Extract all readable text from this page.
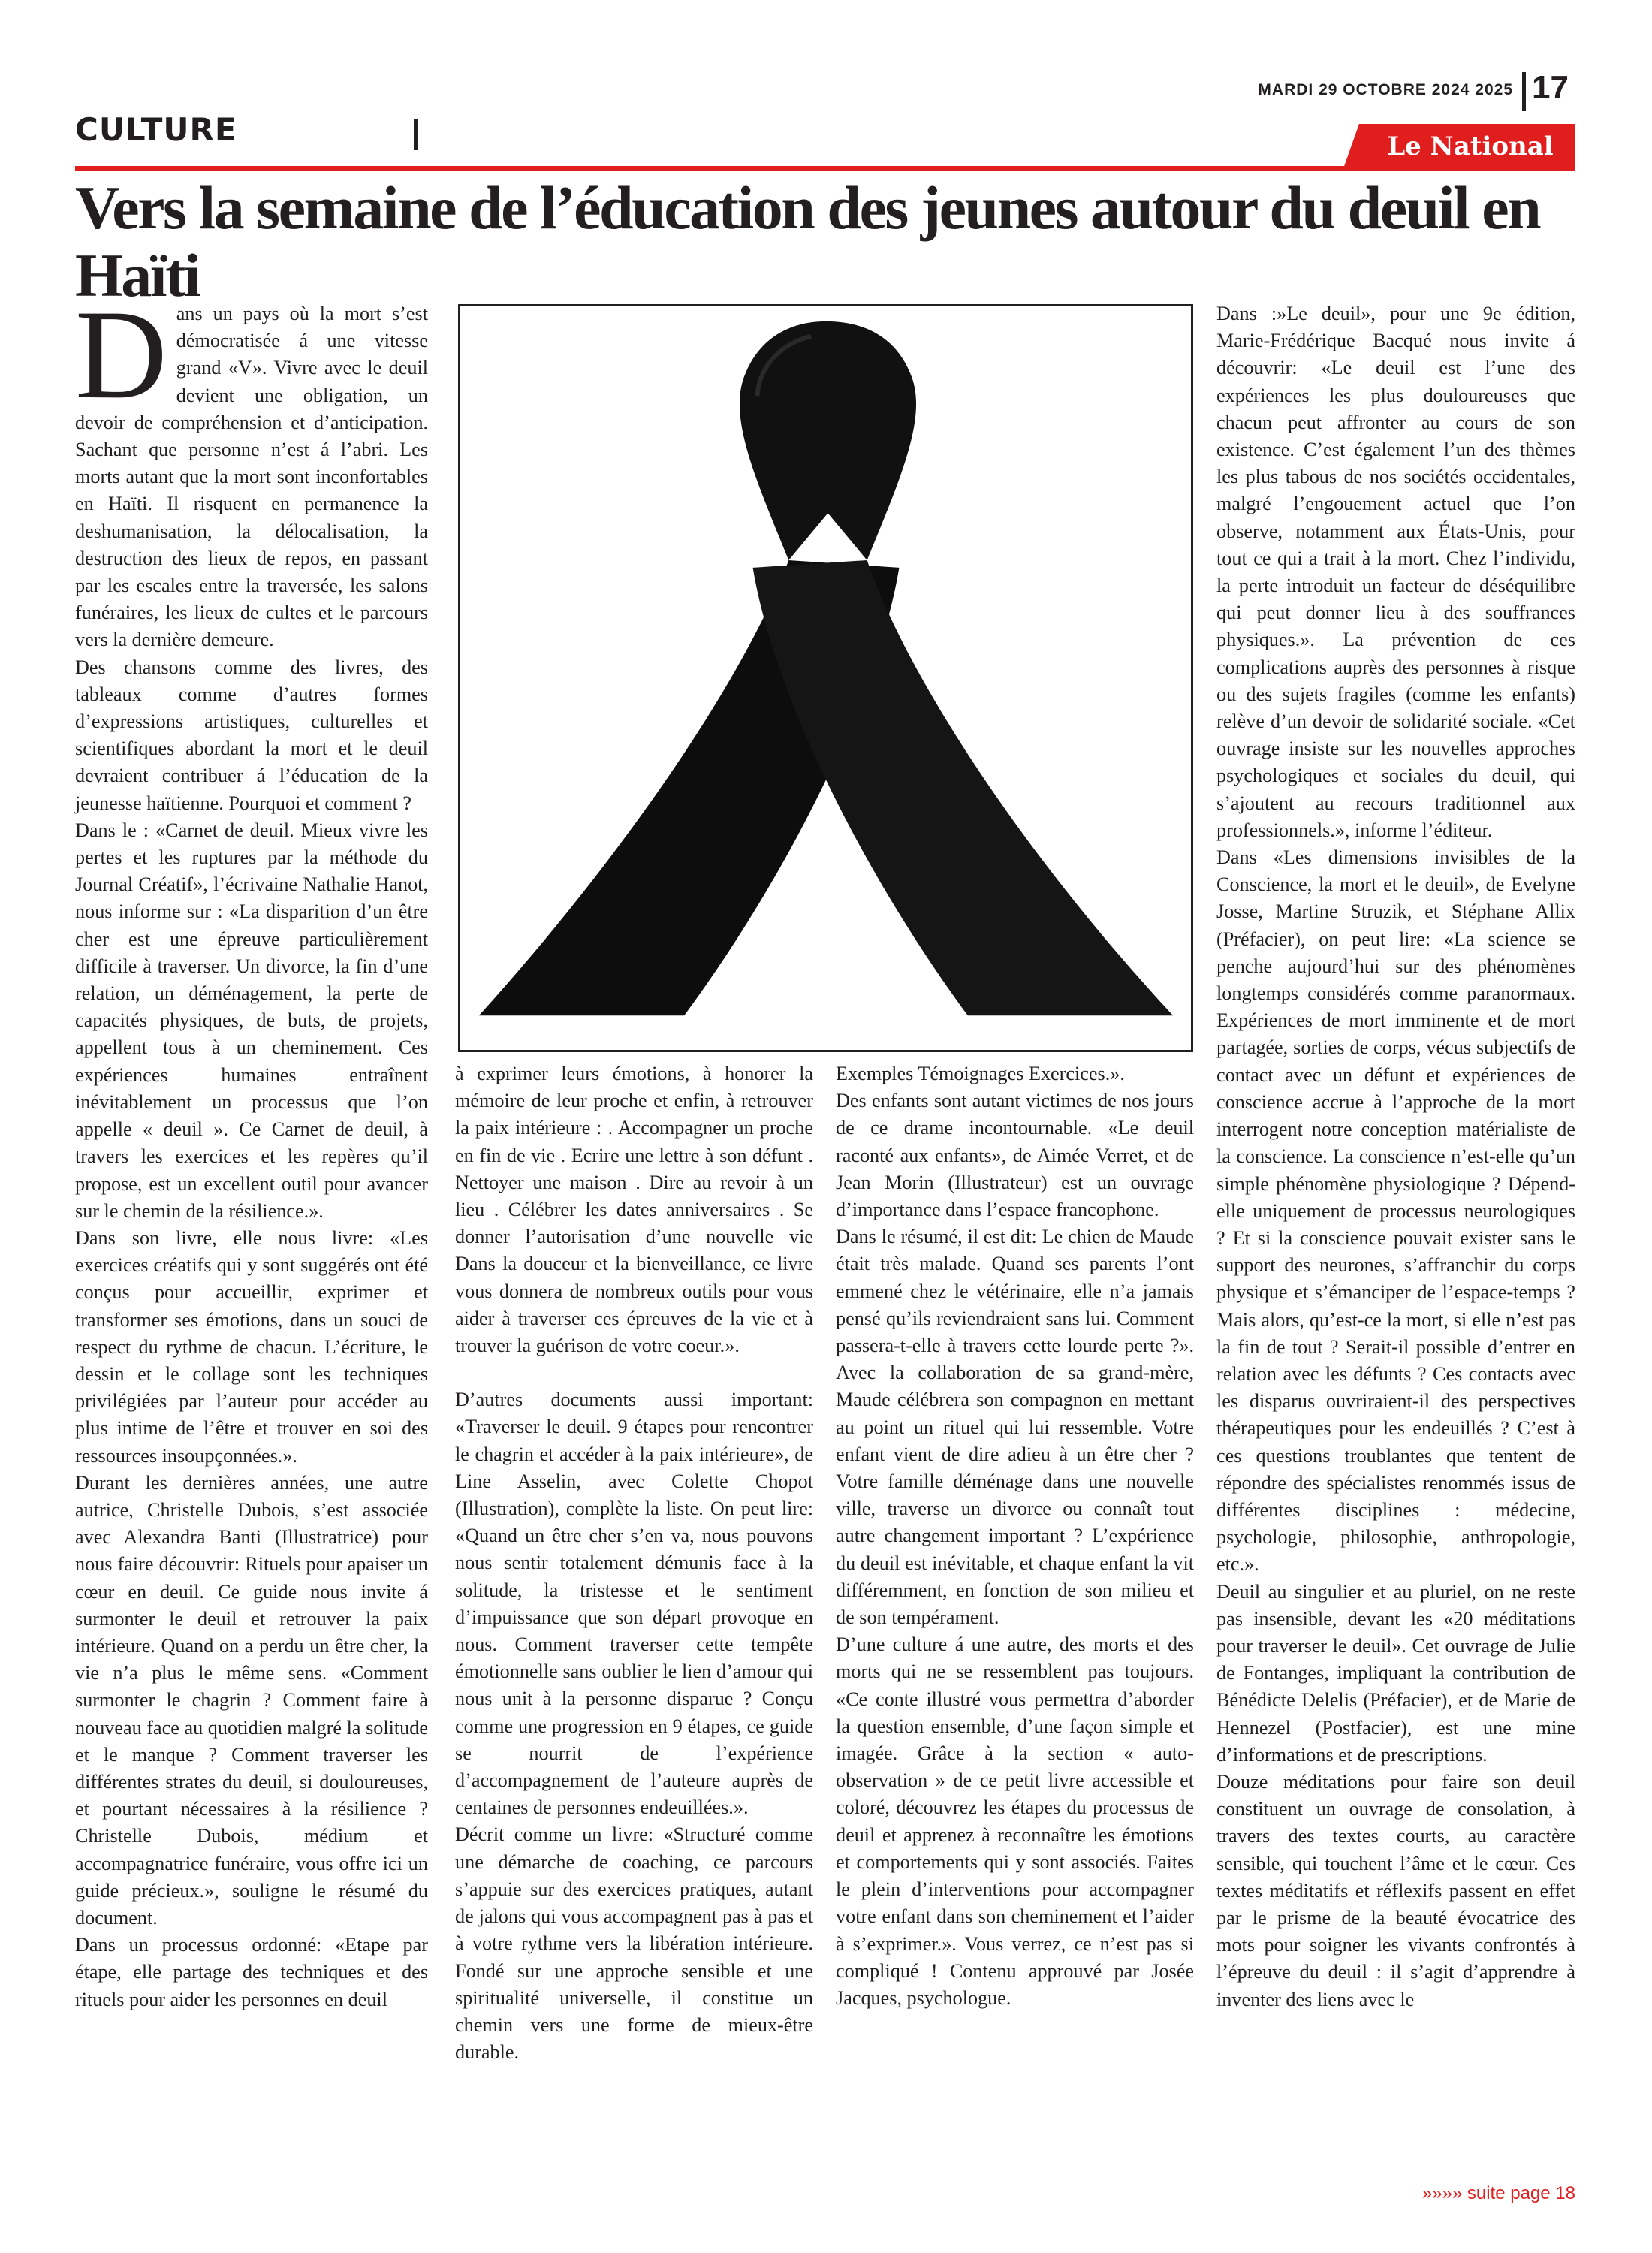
MARDI 29 OCTOBRE 2024 2025 17
CULTURE	Le National
Vers la semaine de l’éducation des jeunes autour du deuil en Haïti

Dans un pays où la mort s’est démocratisée á une vitesse grand «V». Vivre avec le deuil devient une obligation, un devoir de compréhension et d’anticipation. Sachant que personne n’est á l’abri. Les morts autant que la mort sont inconfortables en Haïti. Il risquent en permanence la deshumanisation, la délocalisation, la destruction des lieux de repos, en passant par les escales entre la traversée, les salons funéraires, les lieux de cultes et le parcours vers la dernière demeure.

Des chansons comme des livres, des tableaux comme d’autres formes d’expressions artistiques, culturelles et scientifiques abordant la mort et le deuil devraient contribuer á l’éducation de la jeunesse haïtienne. Pourquoi et comment ?

Dans le : «Carnet de deuil. Mieux vivre les pertes et les ruptures par la méthode du Journal Créatif», l’écrivaine Nathalie Hanot, nous informe sur : «La disparition d’un être cher est une épreuve particulièrement difficile à traverser. Un divorce, la fin d’une relation, un déménagement, la perte de capacités physiques, de buts, de projets, appellent tous à un cheminement. Ces expériences humaines entraînent inévitablement un processus que l’on appelle « deuil ». Ce Carnet de deuil, à travers les exercices et les repères qu’il propose, est un excellent outil pour avancer sur le chemin de la résilience.».

Dans son livre, elle nous livre: «Les exercices créatifs qui y sont suggérés ont été conçus pour accueillir, exprimer et transformer ses émotions, dans un souci de respect du rythme de chacun. L’écriture, le dessin et le collage sont les techniques privilégiées par l’auteur pour accéder au plus intime de l’être et trouver en soi des ressources insoupçonnées.».

Durant les dernières années, une autre autrice, Christelle Dubois, s’est associée avec Alexandra Banti (Illustratrice) pour nous faire découvrir: Rituels pour apaiser un cœur en deuil. Ce guide nous invite á surmonter le deuil et retrouver la paix intérieure. Quand on a perdu un être cher, la vie n’a plus le même sens. «Comment surmonter le chagrin ? Comment faire à nouveau face au quotidien malgré la solitude et le manque ? Comment traverser les différentes strates du deuil, si douloureuses, et pourtant nécessaires à la résilience ? Christelle Dubois, médium et accompagnatrice funéraire, vous offre ici un guide précieux.», souligne le résumé du document.

Dans un processus ordonné: «Etape par étape, elle partage des techniques et des rituels pour aider les personnes en deuil

à exprimer leurs émotions, à honorer la mémoire de leur proche et enfin, à retrouver la paix intérieure : . Accompagner un proche en fin de vie . Ecrire une lettre à son défunt . Nettoyer une maison . Dire au revoir à un lieu . Célébrer les dates anniversaires . Se donner l’autorisation d’une nouvelle vie Dans la douceur et la bienveillance, ce livre vous donnera de nombreux outils pour vous aider à traverser ces épreuves de la vie et à trouver la guérison de votre coeur.».

D’autres documents aussi important: «Traverser le deuil. 9 étapes pour rencontrer le chagrin et accéder à la paix intérieure», de Line Asselin, avec Colette Chopot (Illustration), complète la liste. On peut lire: «Quand un être cher s’en va, nous pouvons nous sentir totalement démunis face à la solitude, la tristesse et le sentiment d’impuissance que son départ provoque en nous. Comment traverser cette tempête émotionnelle sans oublier le lien d’amour qui nous unit à la personne disparue ? Conçu comme une progression en 9 étapes, ce guide se nourrit de l’expérience d’accompagnement de l’auteure auprès de centaines de personnes endeuillées.».

Décrit comme un livre: «Structuré comme une démarche de coaching, ce parcours s’appuie sur des exercices pratiques, autant de jalons qui vous accompagnent pas à pas et à votre rythme vers la libération intérieure. Fondé sur une approche sensible et une spiritualité universelle, il constitue un chemin vers une forme de mieux-être durable.

Exemples Témoignages Exercices.».

Des enfants sont autant victimes de nos jours de ce drame incontournable. «Le deuil raconté aux enfants», de Aimée Verret, et de Jean Morin (Illustrateur) est un ouvrage d’importance dans l’espace francophone.

Dans le résumé, il est dit: Le chien de Maude était très malade. Quand ses parents l’ont emmené chez le vétérinaire, elle n’a jamais pensé qu’ils reviendraient sans lui. Comment passera-t-elle à travers cette lourde perte ?». Avec la collaboration de sa grand-mère, Maude célébrera son compagnon en mettant au point un rituel qui lui ressemble. Votre enfant vient de dire adieu à un être cher ? Votre famille déménage dans une nouvelle ville, traverse un divorce ou connaît tout autre changement important ? L’expérience du deuil est inévitable, et chaque enfant la vit différemment, en fonction de son milieu et de son tempérament.

D’une culture á une autre, des morts et des morts qui ne se ressemblent pas toujours. «Ce conte illustré vous permettra d’aborder la question ensemble, d’une façon simple et imagée. Grâce à la section « auto-observation » de ce petit livre accessible et coloré, découvrez les étapes du processus de deuil et apprenez à reconnaître les émotions et comportements qui y sont associés. Faites le plein d’interventions pour accompagner votre enfant dans son cheminement et l’aider à s’exprimer.». Vous verrez, ce n’est pas si compliqué ! Contenu approuvé par Josée Jacques, psychologue.

Dans :»Le deuil», pour une 9e édition, Marie-Frédérique Bacqué nous invite á découvrir: «Le deuil est l’une des expériences les plus douloureuses que chacun peut affronter au cours de son existence. C’est également l’un des thèmes les plus tabous de nos sociétés occidentales, malgré l’engouement actuel que l’on observe, notamment aux États-Unis, pour tout ce qui a trait à la mort. Chez l’individu, la perte introduit un facteur de déséquilibre qui peut donner lieu à des souffrances physiques.». La prévention de ces complications auprès des personnes à risque ou des sujets fragiles (comme les enfants) relève d’un devoir de solidarité sociale. «Cet ouvrage insiste sur les nouvelles approches psychologiques et sociales du deuil, qui s’ajoutent au recours traditionnel aux professionnels.», informe l’éditeur.

Dans «Les dimensions invisibles de la Conscience, la mort et le deuil», de Evelyne Josse, Martine Struzik, et Stéphane Allix (Préfacier), on peut lire: «La science se penche aujourd’hui sur des phénomènes longtemps considérés comme paranormaux. Expériences de mort imminente et de mort partagée, sorties de corps, vécus subjectifs de contact avec un défunt et expériences de conscience accrue à l’approche de la mort interrogent notre conception matérialiste de la conscience. La conscience n’est-elle qu’un simple phénomène physiologique ? Dépend-elle uniquement de processus neurologiques ? Et si la conscience pouvait exister sans le support des neurones, s’affranchir du corps physique et s’émanciper de l’espace-temps ? Mais alors, qu’est-ce la mort, si elle n’est pas la fin de tout ? Serait-il possible d’entrer en relation avec les défunts ? Ces contacts avec les disparus ouvriraient-il des perspectives thérapeutiques pour les endeuillés ? C’est à ces questions troublantes que tentent de répondre des spécialistes renommés issus de différentes disciplines : médecine, psychologie, philosophie, anthropologie, etc.».

Deuil au singulier et au pluriel, on ne reste pas insensible, devant les «20 méditations pour traverser le deuil». Cet ouvrage de Julie de Fontanges, impliquant la contribution de Bénédicte Delelis (Préfacier), et de Marie de Hennezel (Postfacier), est une mine d’informations et de prescriptions.

Douze méditations pour faire son deuil constituent un ouvrage de consolation, à travers des textes courts, au caractère sensible, qui touchent l’âme et le cœur. Ces textes méditatifs et réflexifs passent en effet par le prisme de la beauté évocatrice des mots pour soigner les vivants confrontés à l’épreuve du deuil : il s’agit d’apprendre à inventer des liens avec le

»»»» suite page 18
